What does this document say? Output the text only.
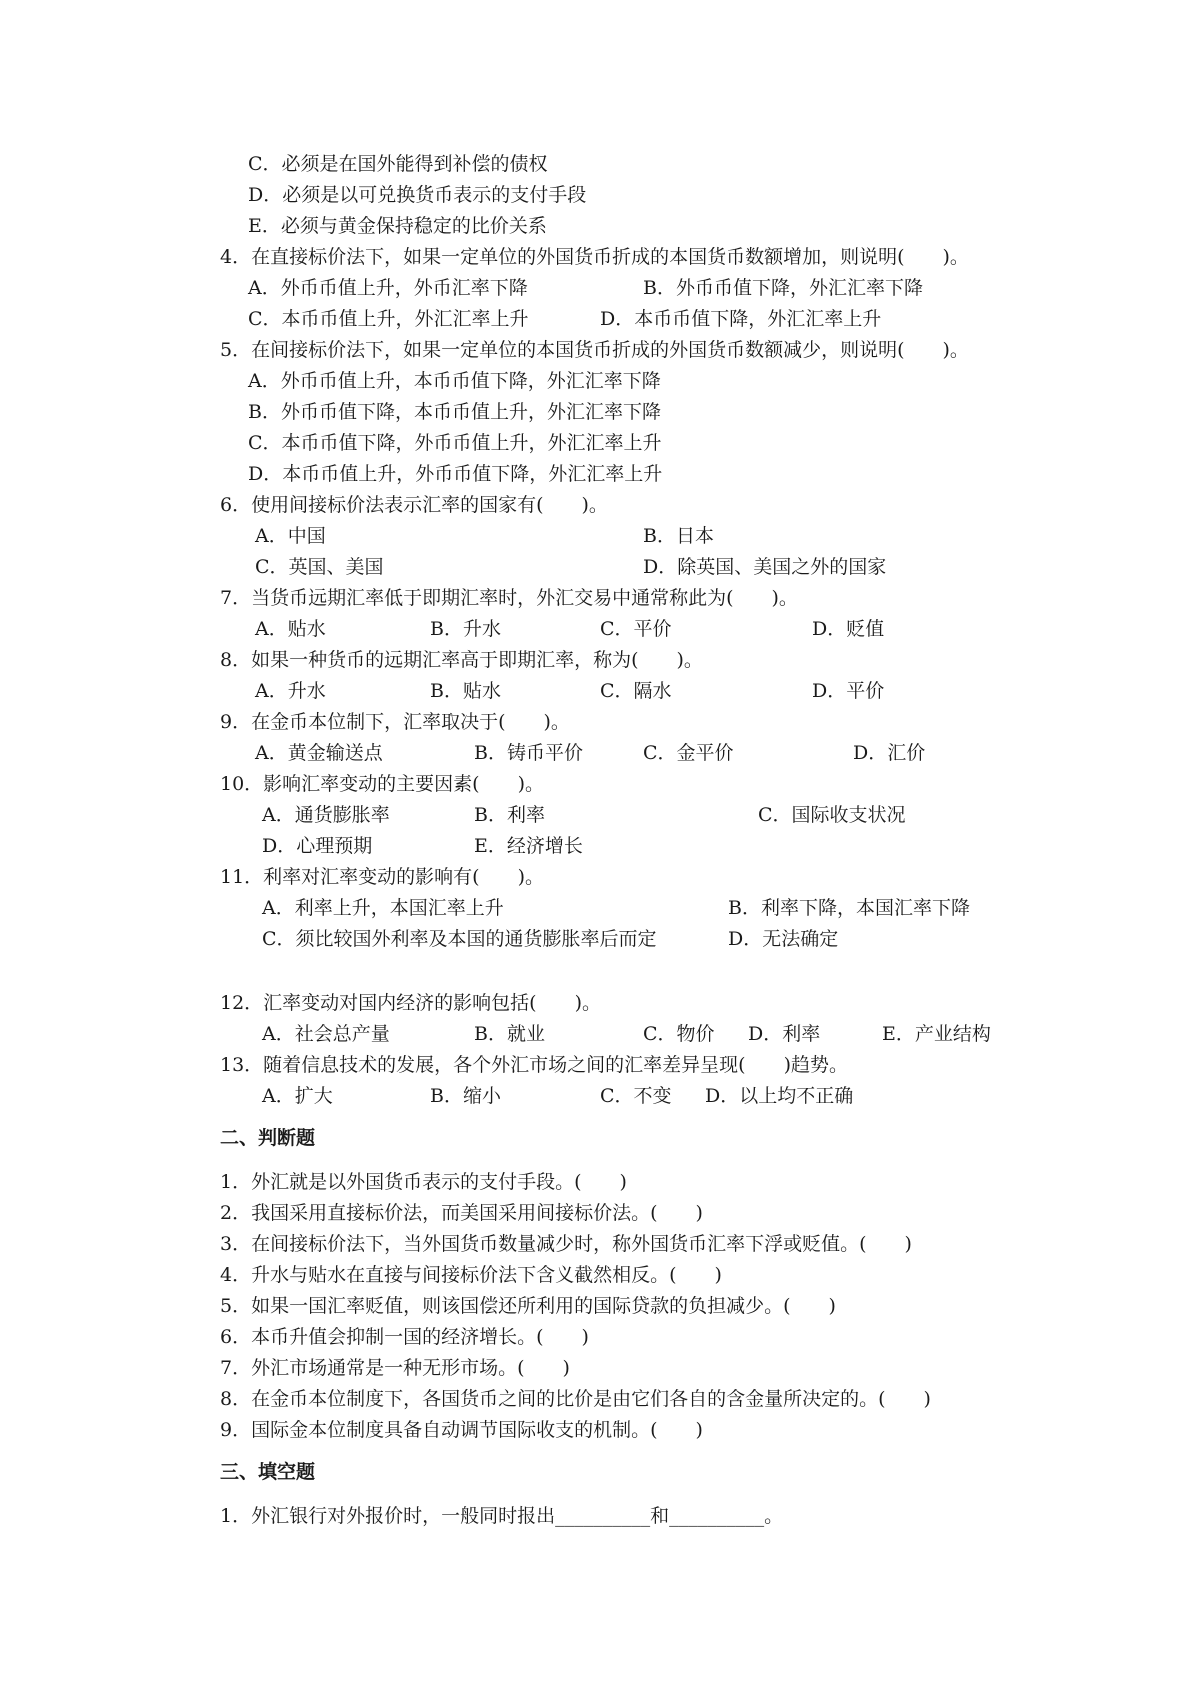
C．必须是在国外能得到补偿的债权
D．必须是以可兑换货币表示的支付手段
E．必须与黄金保持稳定的比价关系
4．在直接标价法下，如果一定单位的外国货币折成的本国货币数额增加，则说明(　　)。
A．外币币值上升，外币汇率下降	B．外币币值下降，外汇汇率下降
C．本币币值上升，外汇汇率上升	D．本币币值下降，外汇汇率上升
5．在间接标价法下，如果一定单位的本国货币折成的外国货币数额减少，则说明(　　)。
A．外币币值上升，本币币值下降，外汇汇率下降
B．外币币值下降，本币币值上升，外汇汇率下降
C．本币币值下降，外币币值上升，外汇汇率上升
D．本币币值上升，外币币值下降，外汇汇率上升
6．使用间接标价法表示汇率的国家有(　　)。
A．中国	B．日本
C．英国、美国	D．除英国、美国之外的国家
7．当货币远期汇率低于即期汇率时，外汇交易中通常称此为(　　)。
A．贴水	B．升水	C．平价	D．贬值
8．如果一种货币的远期汇率高于即期汇率，称为(　　)。
A．升水	B．贴水	C．隔水	D．平价
9．在金币本位制下，汇率取决于(　　)。
A．黄金输送点	B．铸币平价	C．金平价	D．汇价
10．影响汇率变动的主要因素(　　)。
A．通货膨胀率	B．利率	C．国际收支状况
D．心理预期	E．经济增长
11．利率对汇率变动的影响有(　　)。
A．利率上升，本国汇率上升	B．利率下降，本国汇率下降
C．须比较国外利率及本国的通货膨胀率后而定	D．无法确定
12．汇率变动对国内经济的影响包括(　　)。
A．社会总产量	B．就业	C．物价 D．利率	E．产业结构
13．随着信息技术的发展，各个外汇市场之间的汇率差异呈现(　　)趋势。
A．扩大	B．缩小	C．不变 D．以上均不正确
二、判断题
1．外汇就是以外国货币表示的支付手段。(　　)
2．我国采用直接标价法，而美国采用间接标价法。(　　)
3．在间接标价法下，当外国货币数量减少时，称外国货币汇率下浮或贬值。(　　)
4．升水与贴水在直接与间接标价法下含义截然相反。(　　)
5．如果一国汇率贬值，则该国偿还所利用的国际贷款的负担减少。(　　)
6．本币升值会抑制一国的经济增长。(　　)
7．外汇市场通常是一种无形市场。(　　)
8．在金币本位制度下，各国货币之间的比价是由它们各自的含金量所决定的。(　　)
9．国际金本位制度具备自动调节国际收支的机制。(　　)
三、填空题
1．外汇银行对外报价时，一般同时报出__________和__________。
